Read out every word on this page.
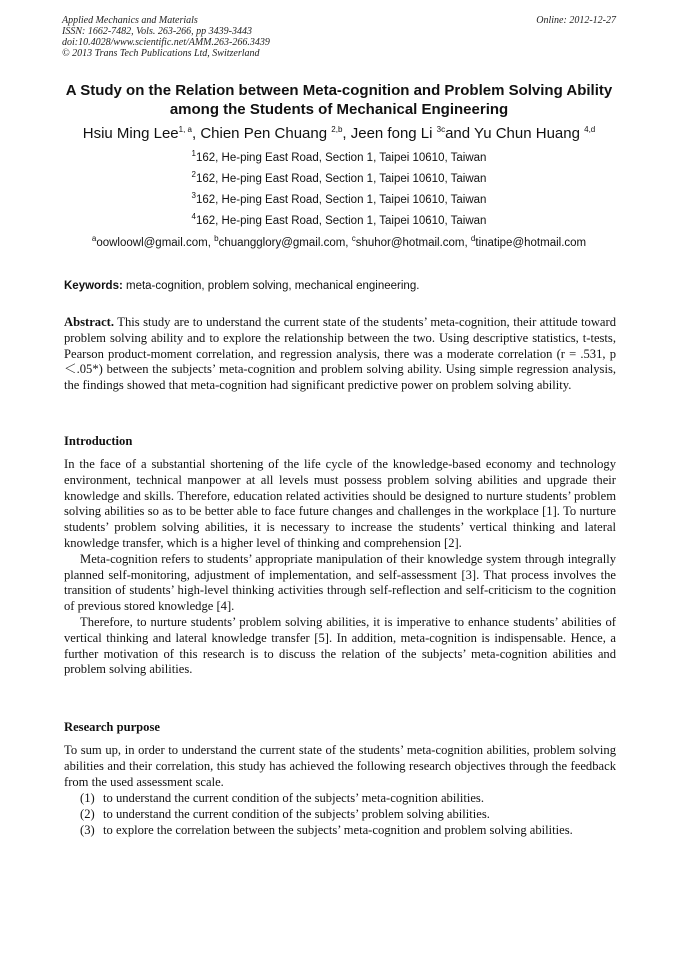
Applied Mechanics and Materials
ISSN: 1662-7482, Vols. 263-266, pp 3439-3443
doi:10.4028/www.scientific.net/AMM.263-266.3439
© 2013 Trans Tech Publications Ltd, Switzerland
Online: 2012-12-27
A Study on the Relation between Meta-cognition and Problem Solving Ability among the Students of Mechanical Engineering
Hsiu Ming Lee$^{1, a}$, Chien Pen Chuang $^{2,b}$, Jeen fong Li $^{3c}$and Yu Chun Huang $^{4,d}$
$^1$162, He-ping East Road, Section 1, Taipei 10610, Taiwan
$^2$162, He-ping East Road, Section 1, Taipei 10610, Taiwan
$^3$162, He-ping East Road, Section 1, Taipei 10610, Taiwan
$^4$162, He-ping East Road, Section 1, Taipei 10610, Taiwan
$^a$oowloowl@gmail.com, $^b$chuangglory@gmail.com, $^c$shuhor@hotmail.com, $^d$tinatipe@hotmail.com
Keywords: meta-cognition, problem solving, mechanical engineering.

Abstract. This study are to understand the current state of the students’ meta-cognition, their attitude toward problem solving ability and to explore the relationship between the two. Using descriptive statistics, t-tests, Pearson product-moment correlation, and regression analysis, there was a moderate correlation (r = .531, p＜.05*) between the subjects’ meta-cognition and problem solving ability. Using simple regression analysis, the findings showed that meta-cognition had significant predictive power on problem solving ability.

Introduction

In the face of a substantial shortening of the life cycle of the knowledge-based economy and technology environment, technical manpower at all levels must possess problem solving abilities and upgrade their knowledge and skills. Therefore, education related activities should be designed to nurture students’ problem solving abilities so as to be better able to face future changes and challenges in the workplace [1]. To nurture students’ problem solving abilities, it is necessary to increase the students’ vertical thinking and lateral knowledge transfer, which is a higher level of thinking and comprehension [2].

Meta-cognition refers to students’ appropriate manipulation of their knowledge system through integrally planned self-monitoring, adjustment of implementation, and self-assessment [3]. That process involves the transition of students’ high-level thinking activities through self-reflection and self-criticism to the cognition of previous stored knowledge [4].

Therefore, to nurture students’ problem solving abilities, it is imperative to enhance students’ abilities of vertical thinking and lateral knowledge transfer [5]. In addition, meta-cognition is indispensable. Hence, a further motivation of this research is to discuss the relation of the subjects’ meta-cognition abilities and problem solving abilities.

Research purpose

To sum up, in order to understand the current state of the students’ meta-cognition abilities, problem solving abilities and their correlation, this study has achieved the following research objectives through the feedback from the used assessment scale.

(1) to understand the current condition of the subjects’ meta-cognition abilities.
(2) to understand the current condition of the subjects’ problem solving abilities.
(3) to explore the correlation between the subjects’ meta-cognition and problem solving abilities.
